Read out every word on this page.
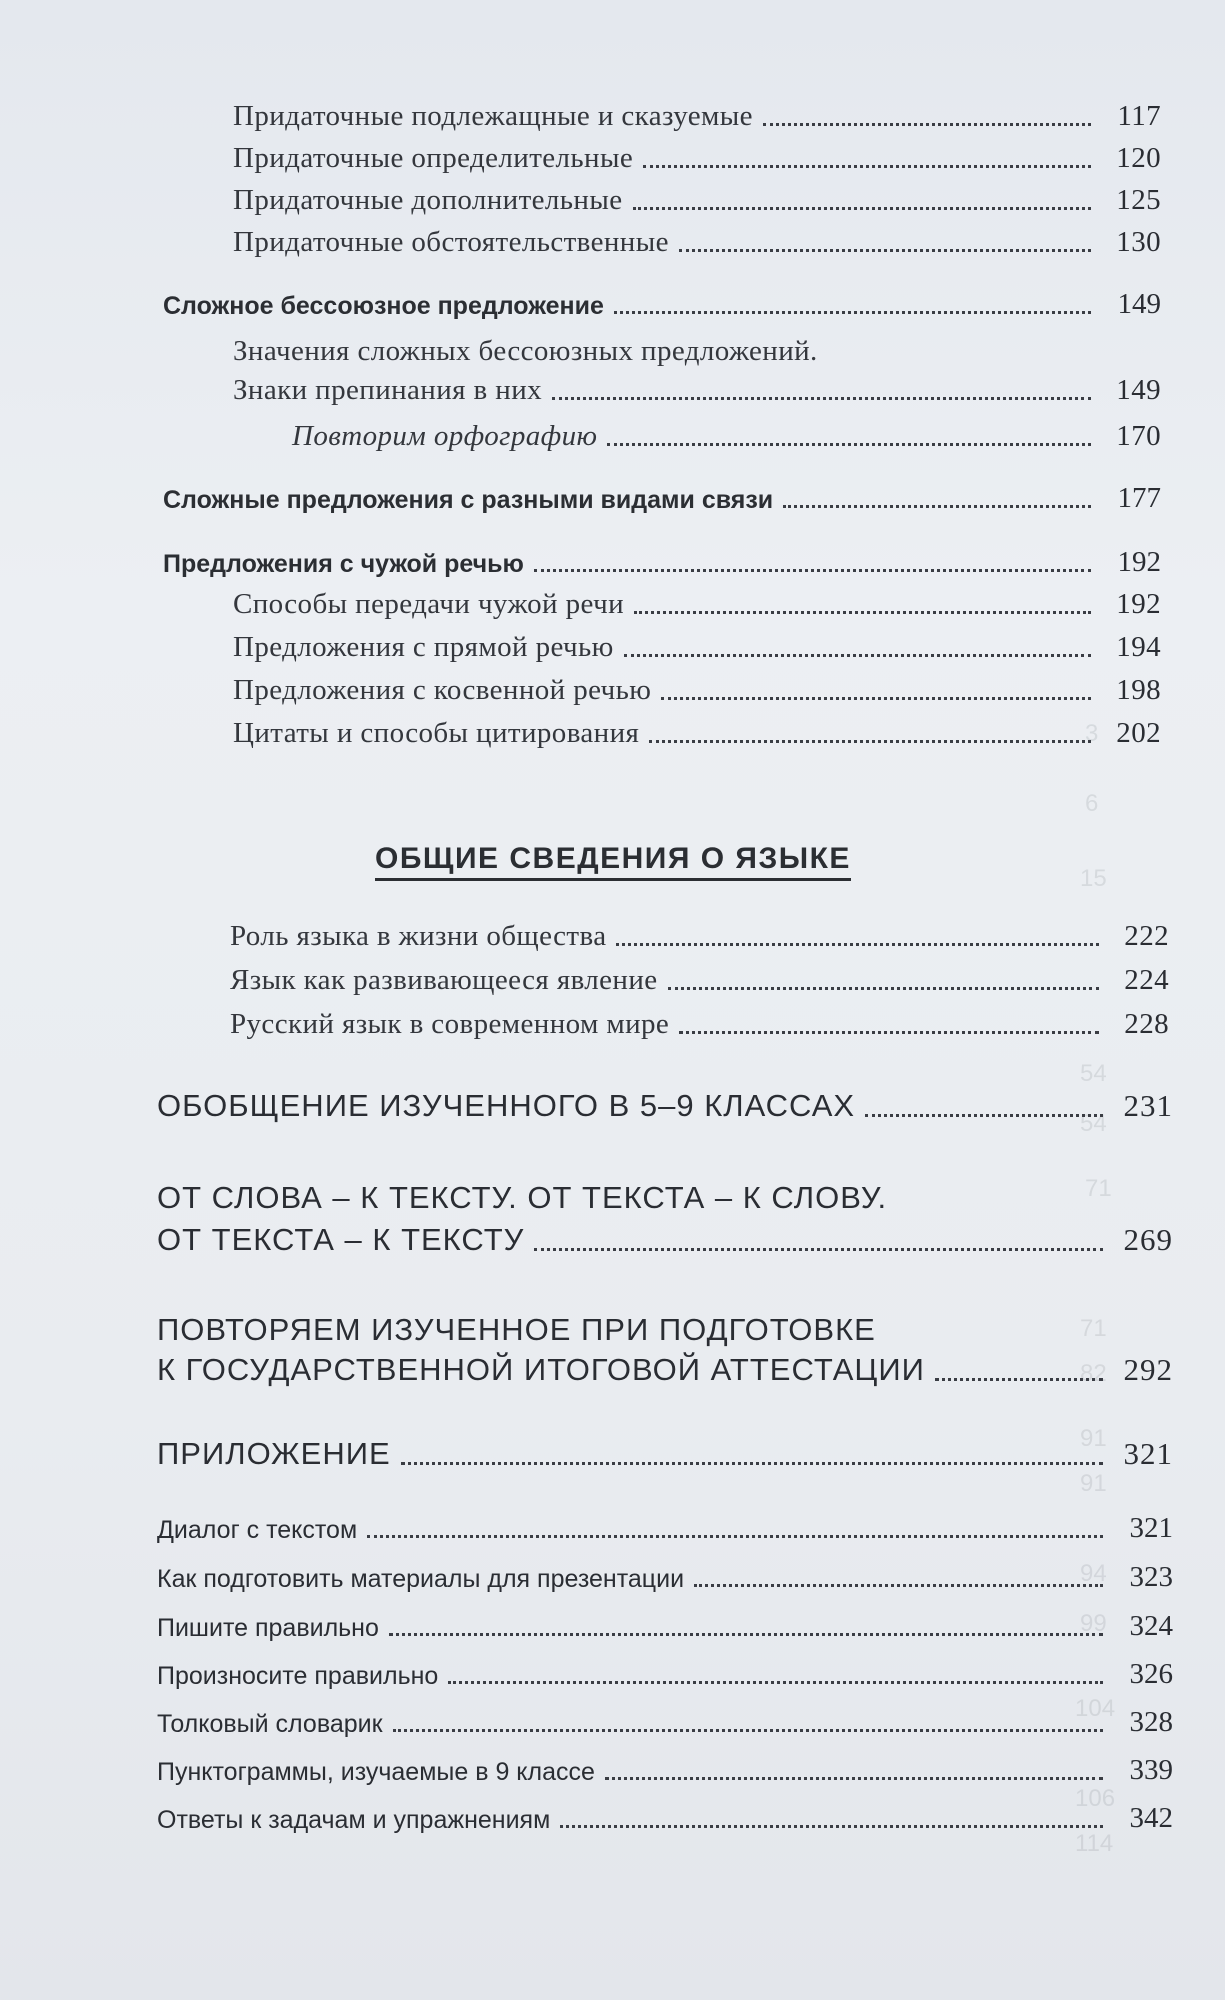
3
6
15
54
54
71
71
82
91
91
94
99
104
106
114
Придаточные подлежащные и сказуемые	117
Придаточные определительные	120
Придаточные дополнительные	125
Придаточные обстоятельственные	130
Сложное бессоюзное предложение	149
Значения сложных бессоюзных предложений.
Знаки препинания в них	149
Повторим орфографию	170
Сложные предложения с разными видами связи	177
Предложения с чужой речью	192
Способы передачи чужой речи	192
Предложения с прямой речью	194
Предложения с косвенной речью	198
Цитаты и способы цитирования	202
ОБЩИЕ СВЕДЕНИЯ О ЯЗЫКЕ
Роль языка в жизни общества	222
Язык как развивающееся явление	224
Русский язык в современном мире	228
ОБОБЩЕНИЕ ИЗУЧЕННОГО В 5–9 КЛАССАХ	231
ОТ СЛОВА – К ТЕКСТУ. ОТ ТЕКСТА – К СЛОВУ.
ОТ ТЕКСТА – К ТЕКСТУ	269
ПОВТОРЯЕМ ИЗУЧЕННОЕ ПРИ ПОДГОТОВКЕ
К ГОСУДАРСТВЕННОЙ ИТОГОВОЙ АТТЕСТАЦИИ	292
ПРИЛОЖЕНИЕ	321
Диалог с текстом	321
Как подготовить материалы для презентации	323
Пишите правильно	324
Произносите правильно	326
Толковый словарик	328
Пунктограммы, изучаемые в 9 классе	339
Ответы к задачам и упражнениям	342
